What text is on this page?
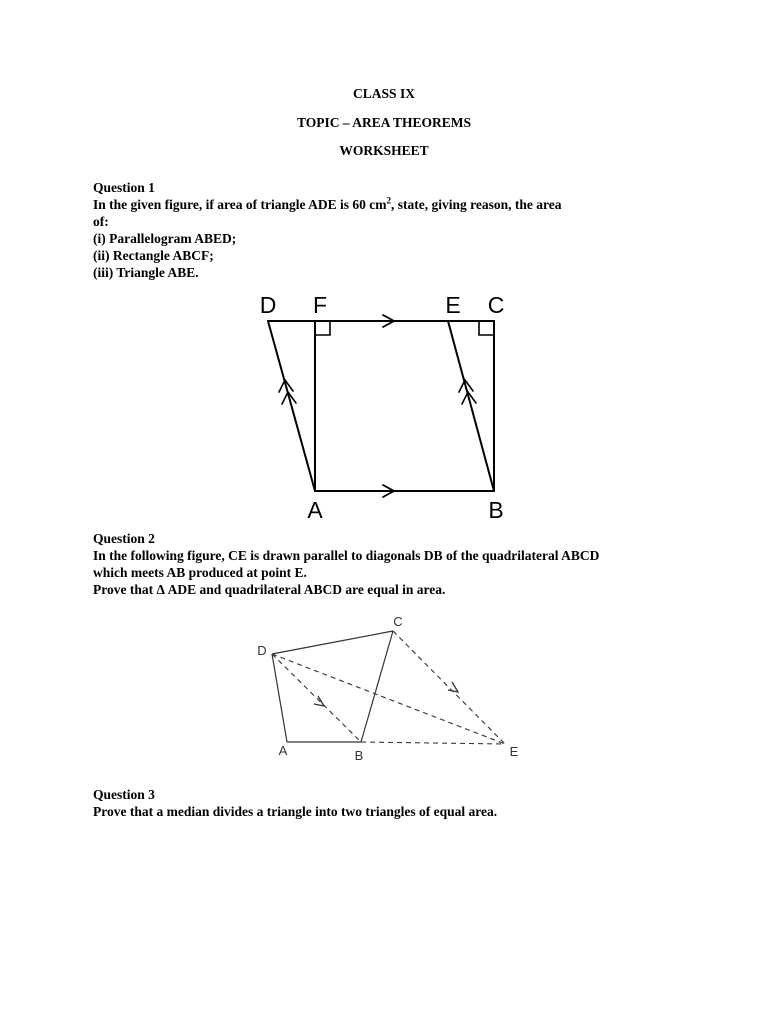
CLASS IX
TOPIC – AREA THEOREMS
WORKSHEET
Question 1
In the given figure, if area of triangle ADE is 60 $cm^2$, state, giving reason, the area
of:
(i) Parallelogram ABED;
(ii) Rectangle ABCF;
(iii) Triangle ABE.
D F	E C
A	B
Question 2
In the following figure, CE is drawn parallel to diagonals DB of the quadrilateral ABCD
which meets AB produced at point E.
Prove that Δ ADE and quadrilateral ABCD are equal in area.
C
D
A	B	E
Question 3
Prove that a median divides a triangle into two triangles of equal area.
